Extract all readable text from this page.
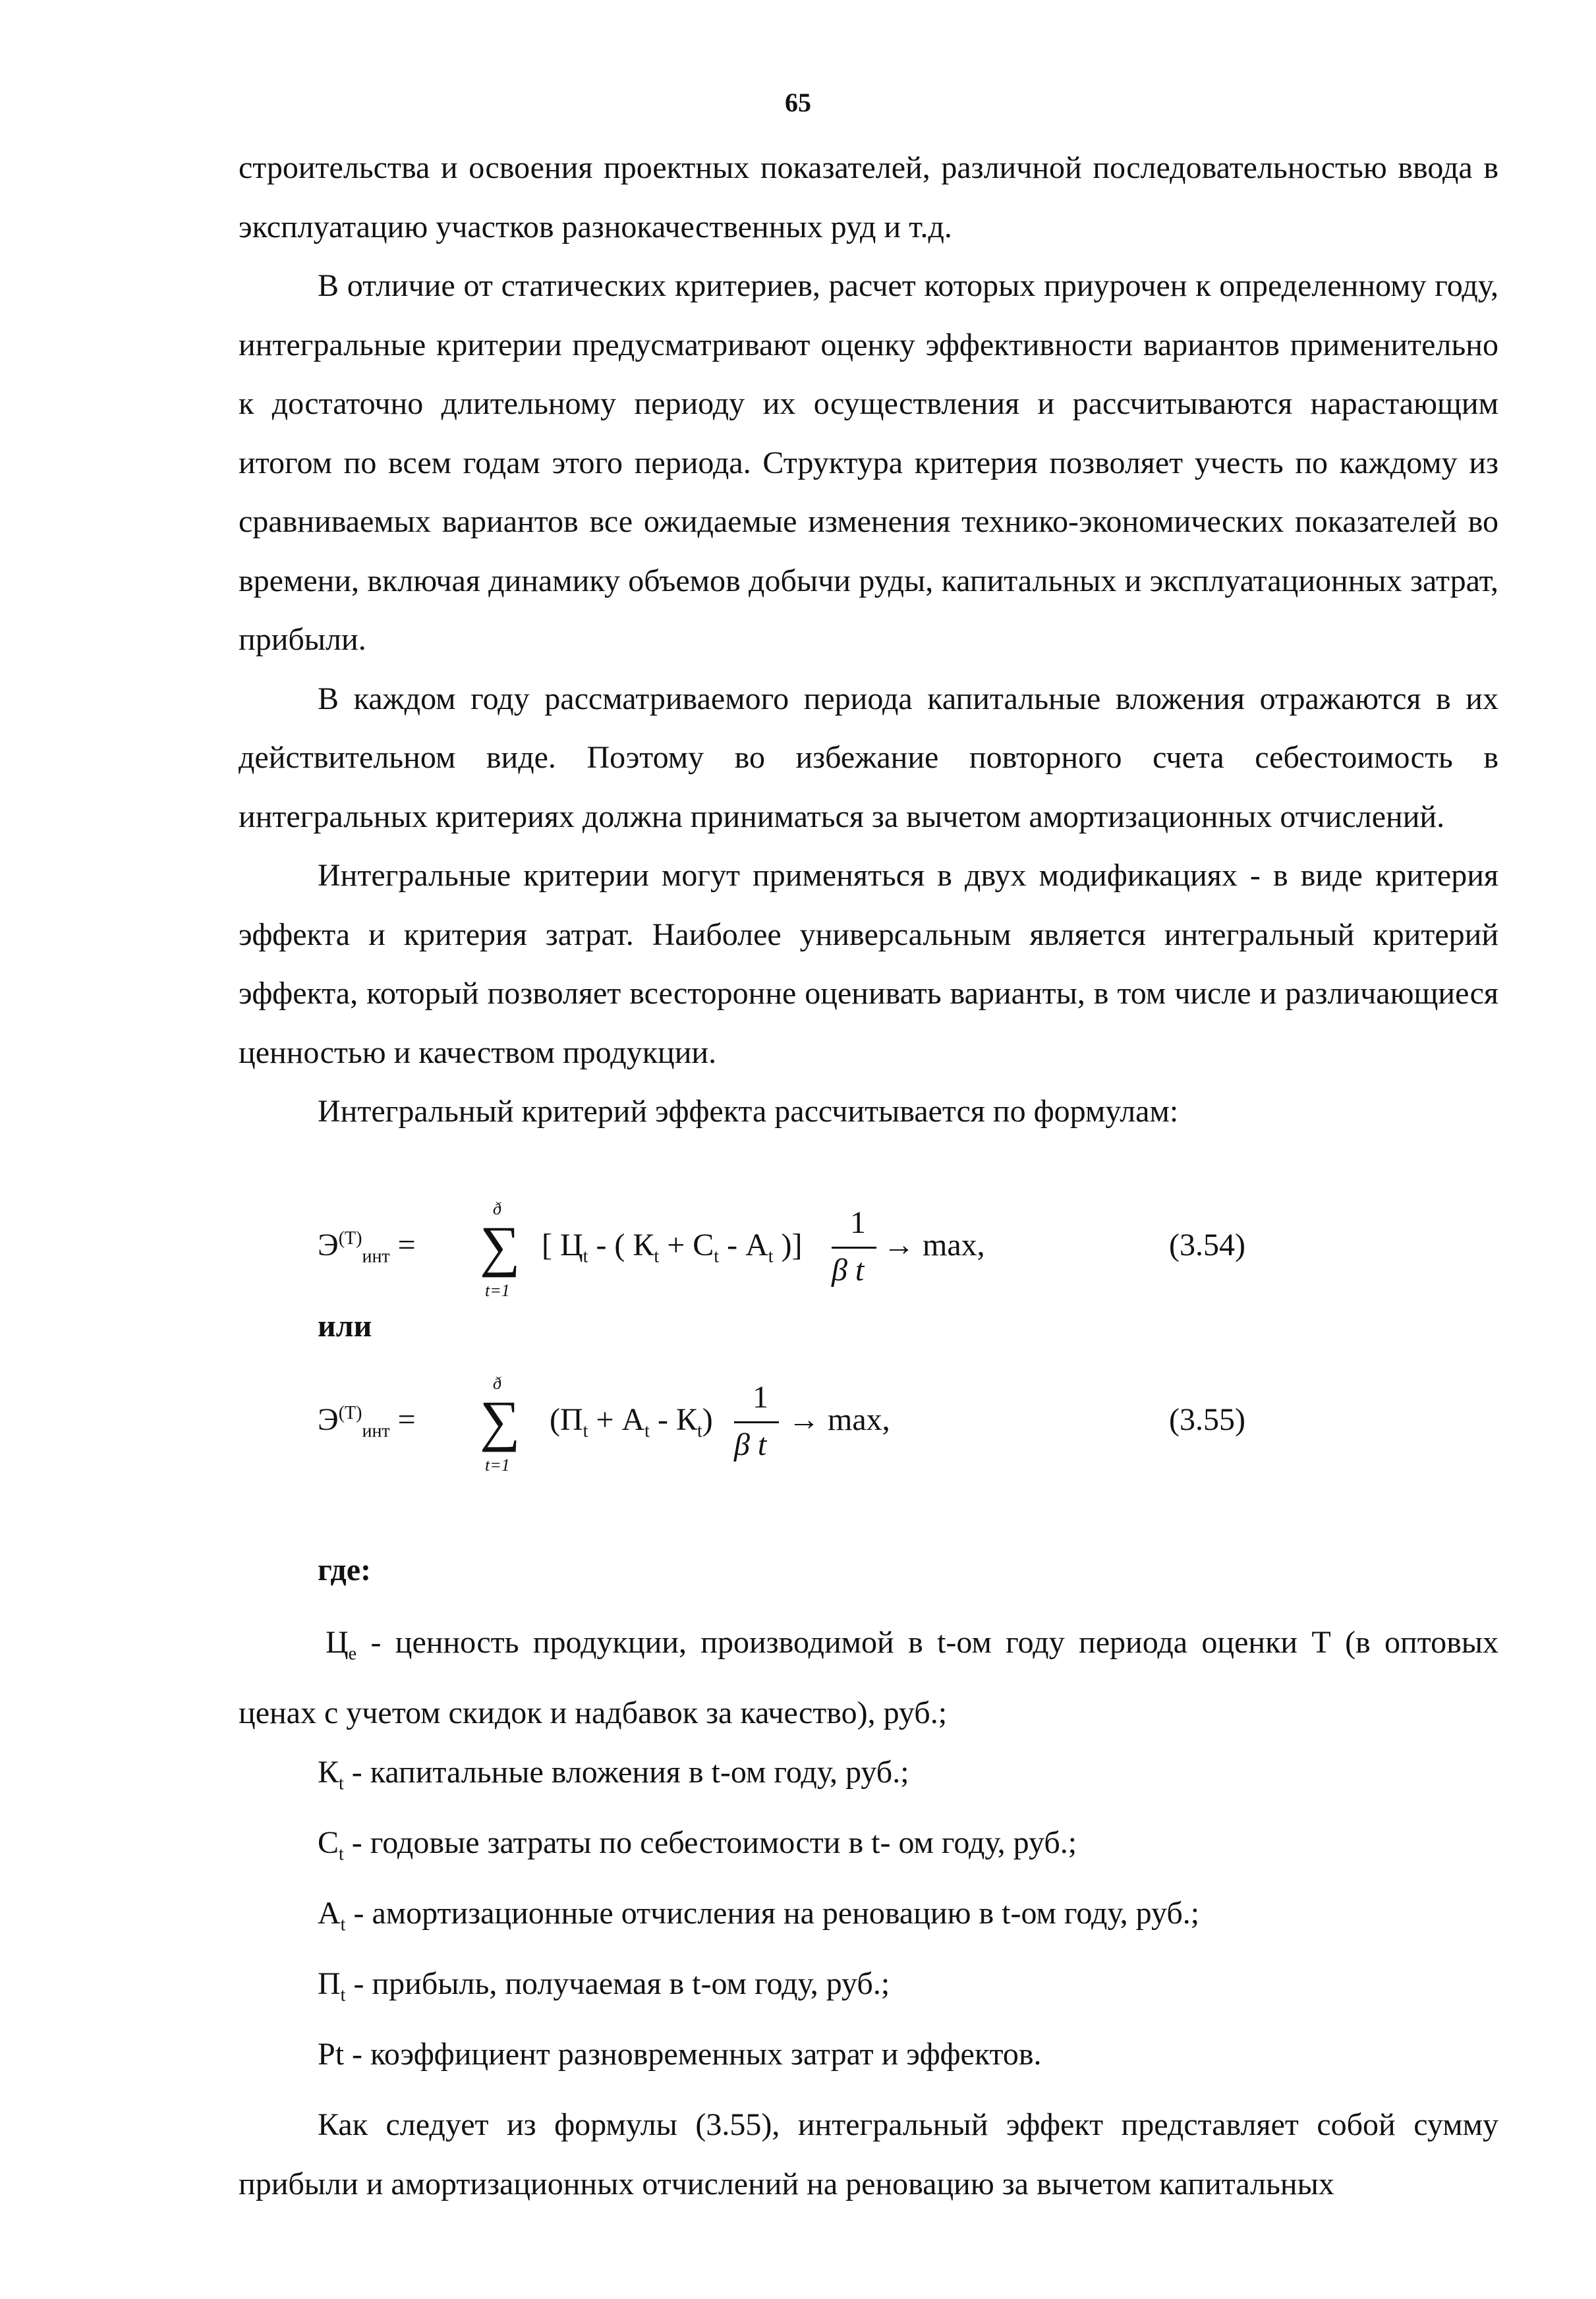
65

строительства и освоения проектных показателей, различной последовательностью ввода в эксплуатацию участков разнокачественных руд и т.д.

В отличие от статических критериев, расчет которых приурочен к определенному году, интегральные критерии предусматривают оценку эффективности вариантов применительно к достаточно длительному периоду их осуществления и рассчитываются нарастающим итогом по всем годам этого периода. Структура критерия позволяет учесть по каждому из сравниваемых вариантов все ожидаемые изменения технико-экономических показателей во времени, включая динамику объемов добычи руды, капитальных и эксплуатационных затрат, прибыли.

В каждом году рассматриваемого периода капитальные вложения отражаются в их действительном виде. Поэтому во избежание повторного счета себестоимость в интегральных критериях должна приниматься за вычетом амортизационных отчислений.

Интегральные критерии могут применяться в двух модификациях - в виде критерия эффекта и критерия затрат. Наиболее универсальным является интегральный критерий эффекта, который позволяет всесторонне оценивать варианты, в том числе и различающиеся ценностью и качеством продукции.

Интегральный критерий эффекта рассчитывается по формулам:

$Э^{(Т)}_{инт}$ =
ð
∑
t=1
[ $Ц_t$ - ( $К_t + С_t - А_t$ )]
1
β t
→ max,	(3.54)
или
$Э^{(Т)}_{инт}$ =
ð
∑
t=1
$(П_t + А_t - К_t)$
1
β t
→ max,	(3.55)
где:

$Ц_е$ - ценность продукции, производимой в t-ом году периода оценки Т (в оптовых ценах с учетом скидок и надбавок за качество), руб.;

$К_t$ - капитальные вложения в t-ом году, руб.;

$С_t$ - годовые затраты по себестоимости в t- ом году, руб.;

$А_t$ - амортизационные отчисления на реновацию в t-ом году, руб.;

$П_t$ - прибыль, получаемая в t-ом году, руб.;

Pt - коэффициент разновременных затрат и эффектов.

Как следует из формулы (3.55), интегральный эффект представляет собой сумму прибыли и амортизационных отчислений на реновацию за вычетом капитальных
